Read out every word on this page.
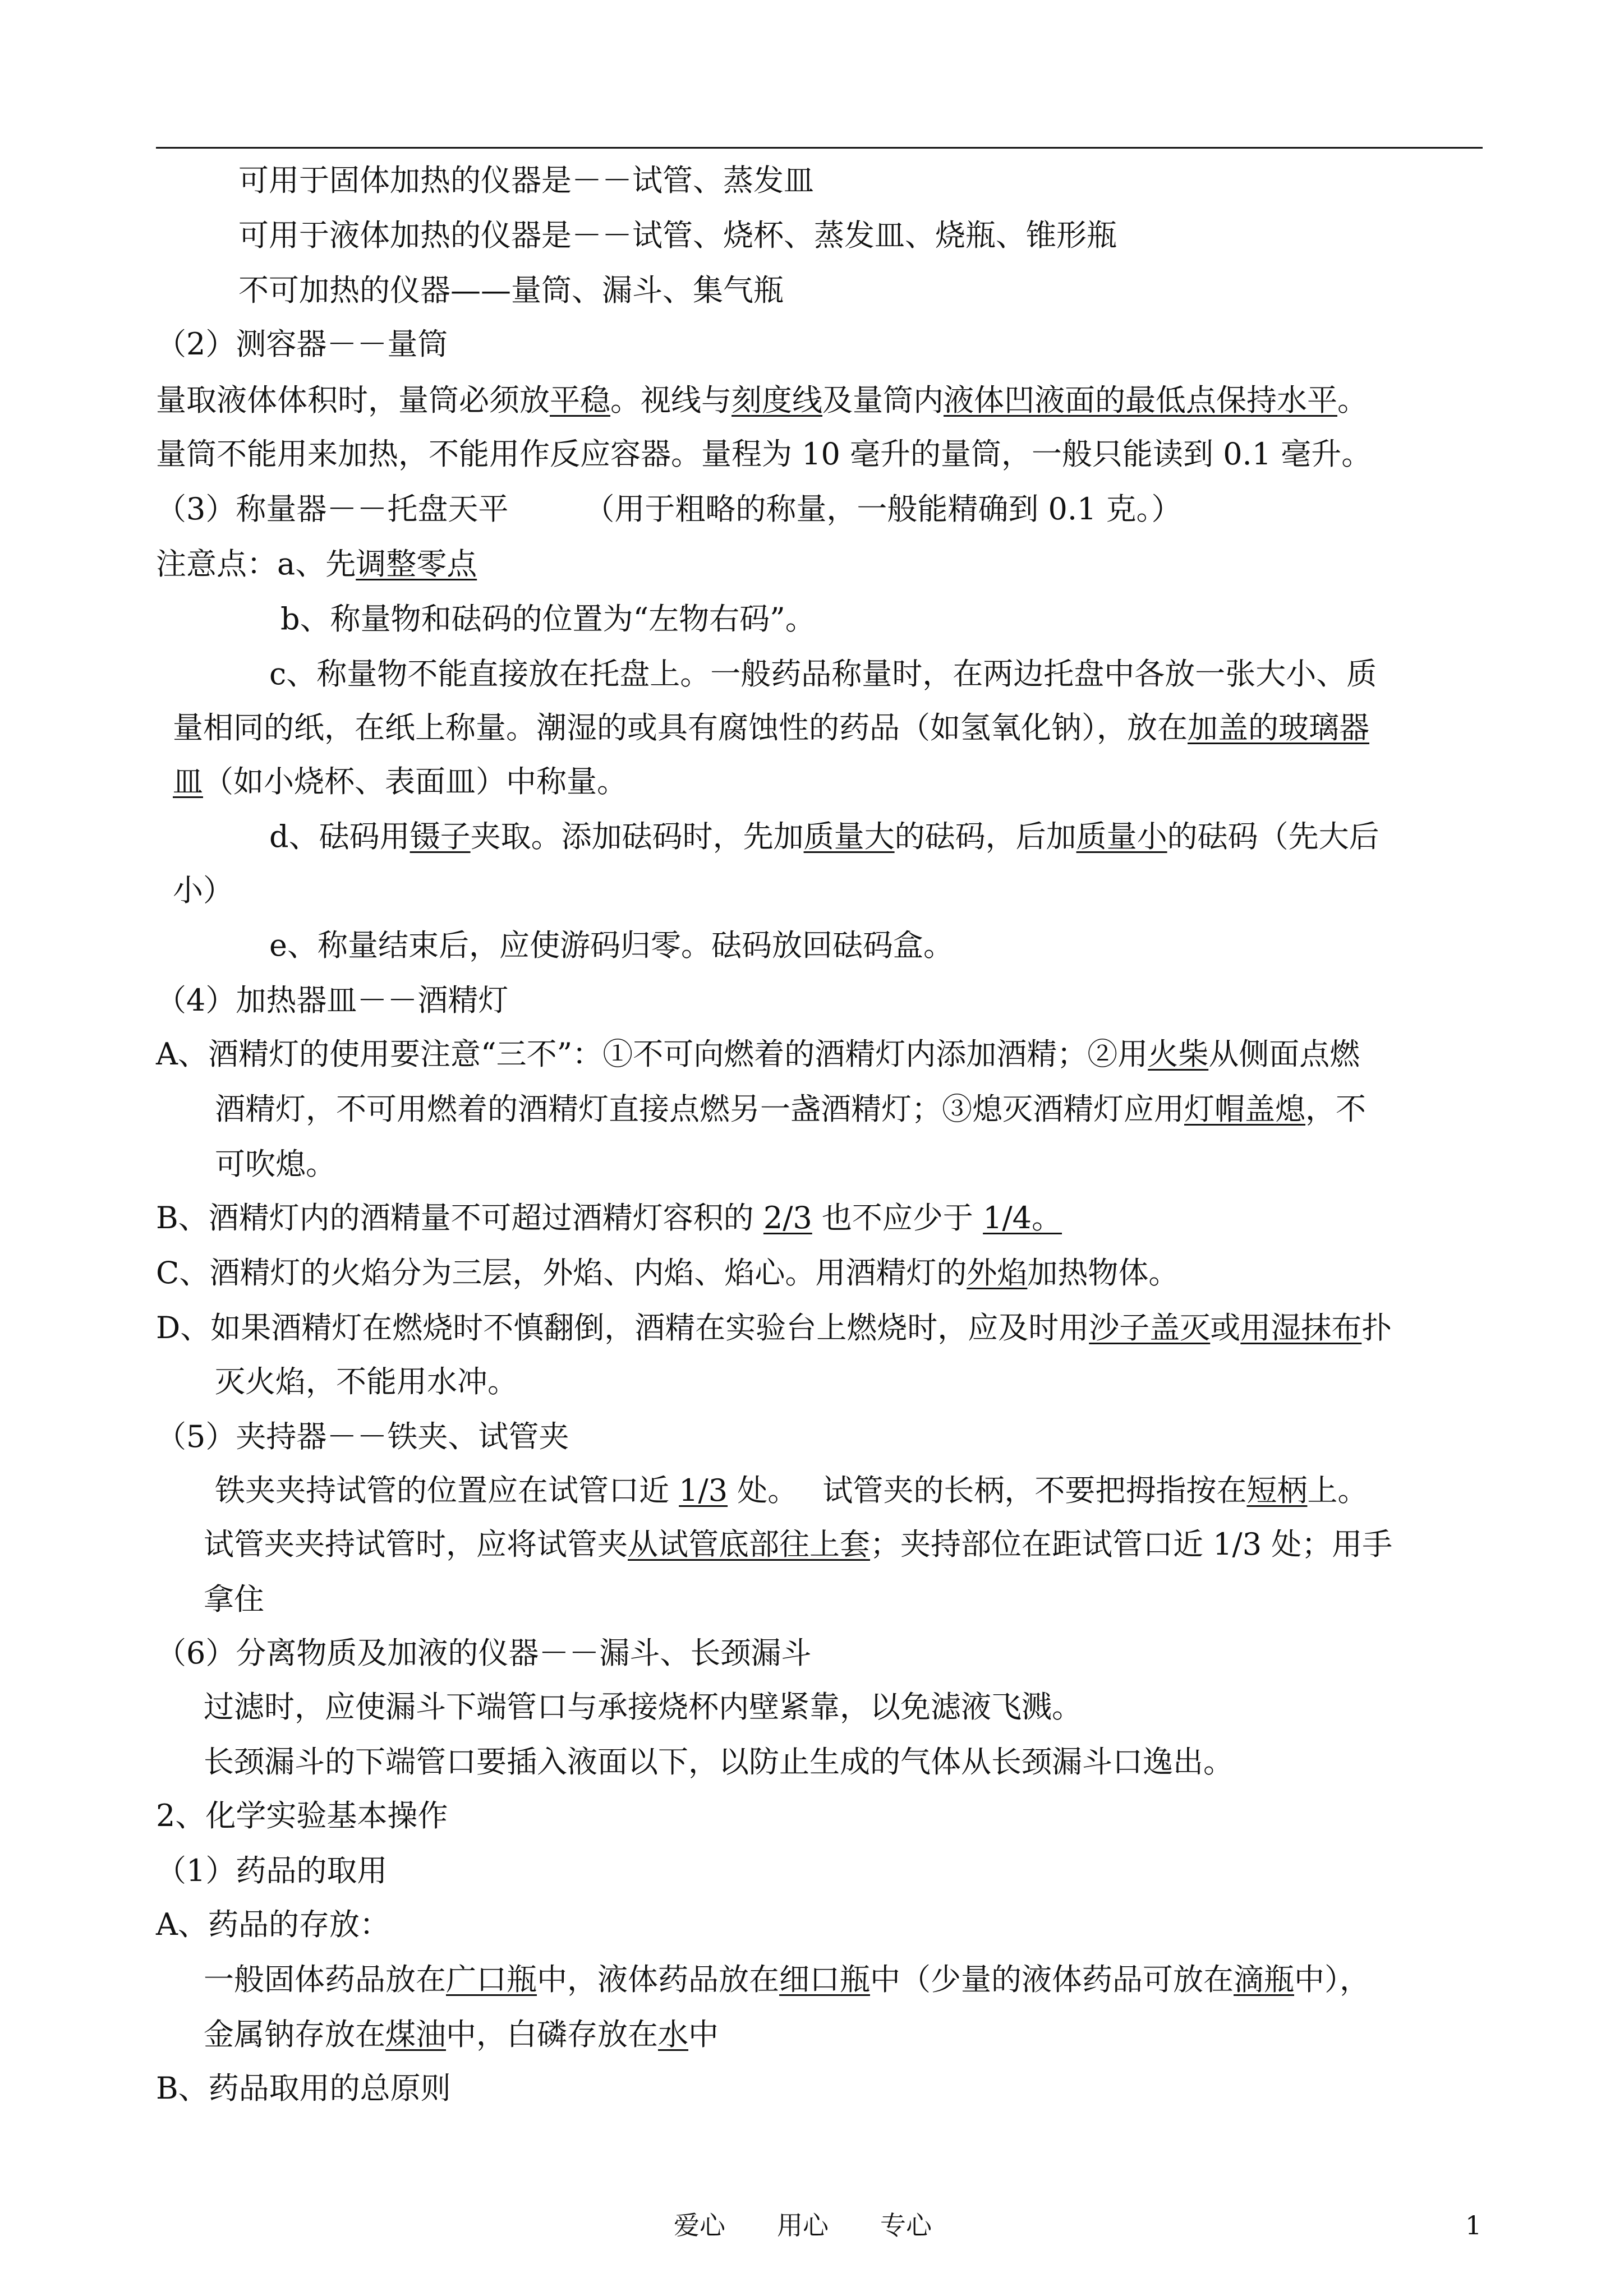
可用于固体加热的仪器是－－试管、蒸发皿
可用于液体加热的仪器是－－试管、烧杯、蒸发皿、烧瓶、锥形瓶
不可加热的仪器——量筒、漏斗、集气瓶
（2）测容器－－量筒
量取液体体积时，量筒必须放平稳。视线与刻度线及量筒内液体凹液面的最低点保持水平。
量筒不能用来加热，不能用作反应容器。量程为 10 毫升的量筒，一般只能读到 0.1 毫升。
（3）称量器－－托盘天平　　　（用于粗略的称量，一般能精确到 0.1 克。）
注意点：a、先调整零点
b、称量物和砝码的位置为“左物右码”。
c、称量物不能直接放在托盘上。一般药品称量时，在两边托盘中各放一张大小、质
量相同的纸，在纸上称量。潮湿的或具有腐蚀性的药品（如氢氧化钠），放在加盖的玻璃器
皿（如小烧杯、表面皿）中称量。
d、砝码用镊子夹取。添加砝码时，先加质量大的砝码，后加质量小的砝码（先大后
小）
e、称量结束后，应使游码归零。砝码放回砝码盒。
（4）加热器皿－－酒精灯
A、酒精灯的使用要注意“三不”：①不可向燃着的酒精灯内添加酒精；②用火柴从侧面点燃
酒精灯，不可用燃着的酒精灯直接点燃另一盏酒精灯；③熄灭酒精灯应用灯帽盖熄，不
可吹熄。
B、酒精灯内的酒精量不可超过酒精灯容积的 2/3 也不应少于 1/4。
C、酒精灯的火焰分为三层，外焰、内焰、焰心。用酒精灯的外焰加热物体。
D、如果酒精灯在燃烧时不慎翻倒，酒精在实验台上燃烧时，应及时用沙子盖灭或用湿抹布扑
灭火焰，不能用水冲。
（5）夹持器－－铁夹、试管夹
铁夹夹持试管的位置应在试管口近 1/3 处。　 试管夹的长柄，不要把拇指按在短柄上。
试管夹夹持试管时，应将试管夹从试管底部往上套；夹持部位在距试管口近 1/3 处；用手
拿住
（6）分离物质及加液的仪器－－漏斗、长颈漏斗
过滤时，应使漏斗下端管口与承接烧杯内壁紧靠，以免滤液飞溅。
长颈漏斗的下端管口要插入液面以下，以防止生成的气体从长颈漏斗口逸出。
2、化学实验基本操作
（1）药品的取用
A、药品的存放：
一般固体药品放在广口瓶中，液体药品放在细口瓶中（少量的液体药品可放在滴瓶中），
金属钠存放在煤油中，白磷存放在水中
B、药品取用的总原则
爱心　　用心　　专心	1
